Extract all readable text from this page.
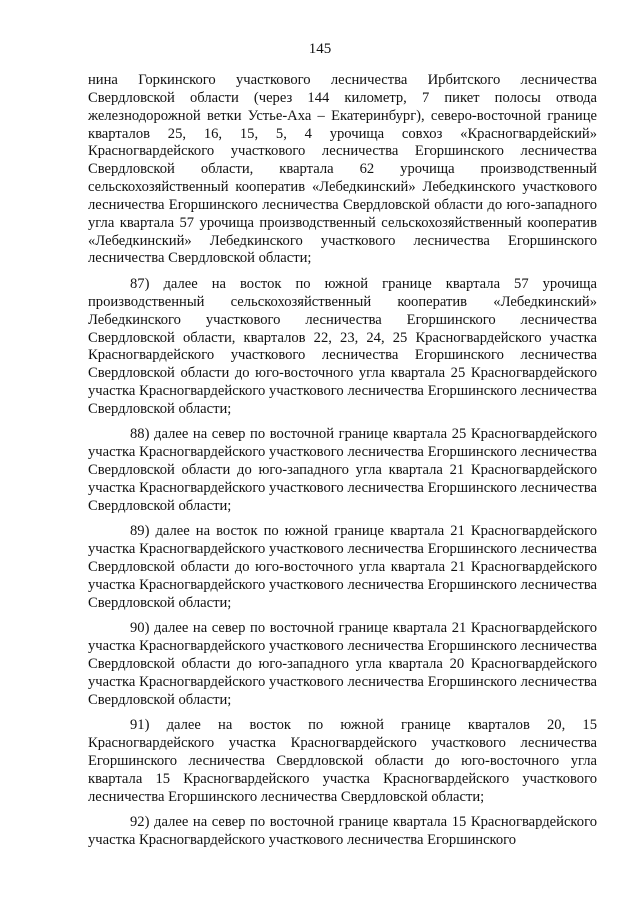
145

нина Горкинского участкового лесничества Ирбитского лесничества Свердловской области (через 144 километр, 7 пикет полосы отвода железнодорожной ветки Устье-Аха – Екатеринбург), северо-восточной границе кварталов 25, 16, 15, 5, 4 урочища совхоз «Красногвардейский» Красногвардейского участкового лесничества Егоршинского лесничества Свердловской области, квартала 62 урочища производственный сельскохозяйственный кооператив «Лебедкинский» Лебедкинского участкового лесничества Егоршинского лесничества Свердловской области до юго-западного угла квартала 57 урочища производственный сельскохозяйственный кооператив «Лебедкинский» Лебедкинского участкового лесничества Егоршинского лесничества Свердловской области;

87) далее на восток по южной границе квартала 57 урочища производственный сельскохозяйственный кооператив «Лебедкинский» Лебедкинского участкового лесничества Егоршинского лесничества Свердловской области, кварталов 22, 23, 24, 25 Красногвардейского участка Красногвардейского участкового лесничества Егоршинского лесничества Свердловской области до юго-восточного угла квартала 25 Красногвардейского участка Красногвардейского участкового лесничества Егоршинского лесничества Свердловской области;

88) далее на север по восточной границе квартала 25 Красногвардейского участка Красногвардейского участкового лесничества Егоршинского лесничества Свердловской области до юго-западного угла квартала 21 Красногвардейского участка Красногвардейского участкового лесничества Егоршинского лесничества Свердловской области;

89) далее на восток по южной границе квартала 21 Красногвардейского участка Красногвардейского участкового лесничества Егоршинского лесничества Свердловской области до юго-восточного угла квартала 21 Красногвардейского участка Красногвардейского участкового лесничества Егоршинского лесничества Свердловской области;

90) далее на север по восточной границе квартала 21 Красногвардейского участка Красногвардейского участкового лесничества Егоршинского лесничества Свердловской области до юго-западного угла квартала 20 Красногвардейского участка Красногвардейского участкового лесничества Егоршинского лесничества Свердловской области;

91) далее на восток по южной границе кварталов 20, 15 Красногвардейского участка Красногвардейского участкового лесничества Егоршинского лесничества Свердловской области до юго-восточного угла квартала 15 Красногвардейского участка Красногвардейского участкового лесничества Егоршинского лесничества Свердловской области;

92) далее на север по восточной границе квартала 15 Красногвардейского участка Красногвардейского участкового лесничества Егоршинского
